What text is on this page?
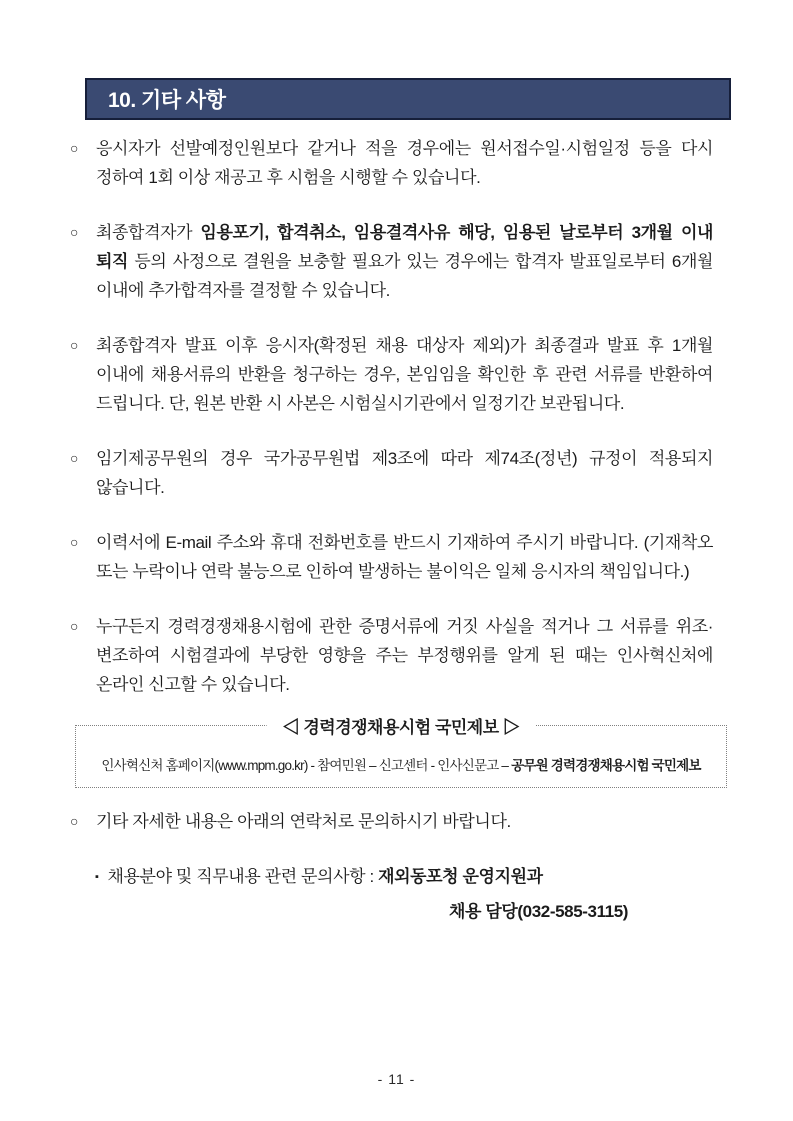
10. 기타 사항
○	응시자가 선발예정인원보다 같거나 적을 경우에는 원서접수일·시험일정 등을 다시 정하여 1회 이상 재공고 후 시험을 시행할 수 있습니다.
○	최종합격자가 임용포기, 합격취소, 임용결격사유 해당, 임용된 날로부터 3개월 이내 퇴직 등의 사정으로 결원을 보충할 필요가 있는 경우에는 합격자 발표일로부터 6개월 이내에 추가합격자를 결정할 수 있습니다.
○	최종합격자 발표 이후 응시자(확정된 채용 대상자 제외)가 최종결과 발표 후 1개월 이내에 채용서류의 반환을 청구하는 경우, 본임임을 확인한 후 관련 서류를 반환하여 드립니다. 단, 원본 반환 시 사본은 시험실시기관에서 일정기간 보관됩니다.
○	임기제공무원의 경우 국가공무원법 제3조에 따라 제74조(정년) 규정이 적용되지 않습니다.
○	이력서에 E-mail 주소와 휴대 전화번호를 반드시 기재하여 주시기 바랍니다. (기재착오 또는 누락이나 연락 불능으로 인하여 발생하는 불이익은 일체 응시자의 책임입니다.)
○	누구든지 경력경쟁채용시험에 관한 증명서류에 거짓 사실을 적거나 그 서류를 위조·변조하여 시험결과에 부당한 영향을 주는 부정행위를 알게 된 때는 인사혁신처에 온라인 신고할 수 있습니다.
◁ 경력경쟁채용시험 국민제보 ▷
인사혁신처 홈페이지(www.mpm.go.kr) - 참여민원 – 신고센터 - 인사신문고 – 공무원 경력경쟁채용시험 국민제보
○	기타 자세한 내용은 아래의 연락처로 문의하시기 바랍니다.
▪ 채용분야 및 직무내용 관련 문의사항 : 재외동포청 운영지원과
채용 담당(032-585-3115)
- 11 -
